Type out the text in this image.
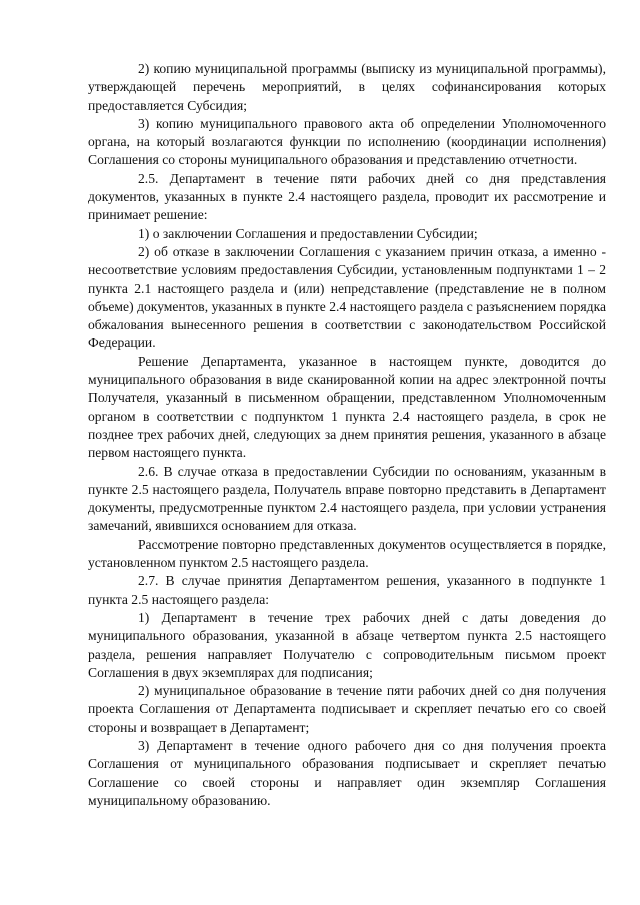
2) копию муниципальной программы (выписку из муниципальной программы), утверждающей перечень мероприятий, в целях софинансирования которых предоставляется Субсидия;

3) копию муниципального правового акта об определении Уполномоченного органа, на который возлагаются функции по исполнению (координации исполнения) Соглашения со стороны муниципального образования и представлению отчетности.

2.5. Департамент в течение пяти рабочих дней со дня представления документов, указанных в пункте 2.4 настоящего раздела, проводит их рассмотрение и принимает решение:

1) о заключении Соглашения и предоставлении Субсидии;

2) об отказе в заключении Соглашения с указанием причин отказа, а именно - несоответствие условиям предоставления Субсидии, установленным подпунктами 1 – 2 пункта 2.1 настоящего раздела и (или) непредставление (представление не в полном объеме) документов, указанных в пункте 2.4 настоящего раздела с разъяснением порядка обжалования вынесенного решения в соответствии с законодательством Российской Федерации.

Решение Департамента, указанное в настоящем пункте, доводится до муниципального образования в виде сканированной копии на адрес электронной почты Получателя, указанный в письменном обращении, представленном Уполномоченным органом в соответствии с подпунктом 1 пункта 2.4 настоящего раздела, в срок не позднее трех рабочих дней, следующих за днем принятия решения, указанного в абзаце первом настоящего пункта.

2.6. В случае отказа в предоставлении Субсидии по основаниям, указанным в пункте 2.5 настоящего раздела, Получатель вправе повторно представить в Департамент документы, предусмотренные пунктом 2.4 настоящего раздела, при условии устранения замечаний, явившихся основанием для отказа.

Рассмотрение повторно представленных документов осуществляется в порядке, установленном пунктом 2.5 настоящего раздела.

2.7. В случае принятия Департаментом решения, указанного в подпункте 1 пункта 2.5 настоящего раздела:

1) Департамент в течение трех рабочих дней с даты доведения до муниципального образования, указанной в абзаце четвертом пункта 2.5 настоящего раздела, решения направляет Получателю с сопроводительным письмом проект Соглашения в двух экземплярах для подписания;

2) муниципальное образование в течение пяти рабочих дней со дня получения проекта Соглашения от Департамента подписывает и скрепляет печатью его со своей стороны и возвращает в Департамент;

3) Департамент в течение одного рабочего дня со дня получения проекта Соглашения от муниципального образования подписывает и скрепляет печатью Соглашение со своей стороны и направляет один экземпляр Соглашения муниципальному образованию.
